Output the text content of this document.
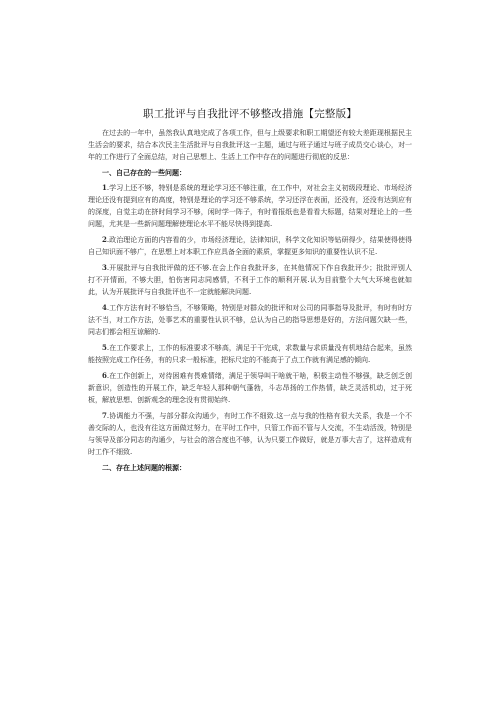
职工批评与自我批评不够整改措施【完整版】

在过去的一年中，虽然我认真地完成了各项工作，但与上级要求和职工期望还有较大差距现根据民主生活会的要求，结合本次民主生活批评与自我批评这一主题，通过与班子通过与班子成员交心谈心，对一年的工作进行了全面总结，对自己思想上、生活上工作中存在的问题进行彻底的反思：

一、自己存在的一些问题：

1.学习上还不够，特别是系统的理论学习还不够注重，在工作中，对社会主义初级段理论、市场经济理论还没有提到应有的高度，特别是理论的学习还不够系统，学习还浮在表面，还没有，还没有达到应有的深度，自觉主动在挤时间学习不够，闲时学一阵子，有时看报纸也是看看大标题，结果对理论上的一些问题，尤其是一些新问题理解使理论水平不能尽快得到提高.

2.政治理论方面的内容看的少，市场经济理论，法律知识，科学文化知识等钻研得少，结果使得使得自己知识面不够广，在思想上对本职工作应具备全面的素质，掌握更多知识的重要性认识不足.

3.开展批评与自我批评做的还不够.在会上作自我批评多，在其他情况下作自我批评少；批批评别人打不开情面，不够大胆，怕伤害同志同感情，不利于工作的顺利开展.认为目前整个大气大环境也就如此，认为开展批评与自我批评也不一定就能解决问题.

4.工作方法有时不够恰当，不够策略，特别是对群众的批评和对公司的同事指导及批评，有时有时方法不当，对工作方法，处事艺术的重要性认识不够，总认为自己的指导思想是好的，方法问题欠缺一些，同志们都会相互谅解的.

5.在工作要求上，工作的标准要求不够高，满足于干完成，求数量与求质量没有机地结合起来，虽然能按照完成工作任务，有的只求一般标准，把标尺定的不能高于了点工作就有满足感的倾向.

6.在工作创新上，对待困难有畏难情绪，满足于领导叫干啥就干啥，积极主动性不够强，缺乏创乏创新意识，创造性的开展工作，缺乏年轻人那种朝气蓬勃，斗志昂扬的工作热情，缺乏灵活机动，过于死板，解放思想、创新观念的理念没有贯彻始终.

7.协调能力不强，与部分群众沟通少，有时工作不细致.这一点与我的性格有很大关系，我是一个不善交际的人，也没有往这方面做过努力，在平时工作中，只管工作而不管与人交流，不生动活泼，特别是与领导及部分同志的沟通少，与社会的溶合度也不够，认为只要工作做好，就是万事大吉了，这样造成有时工作不细致.

二、存在上述问题的根源：
